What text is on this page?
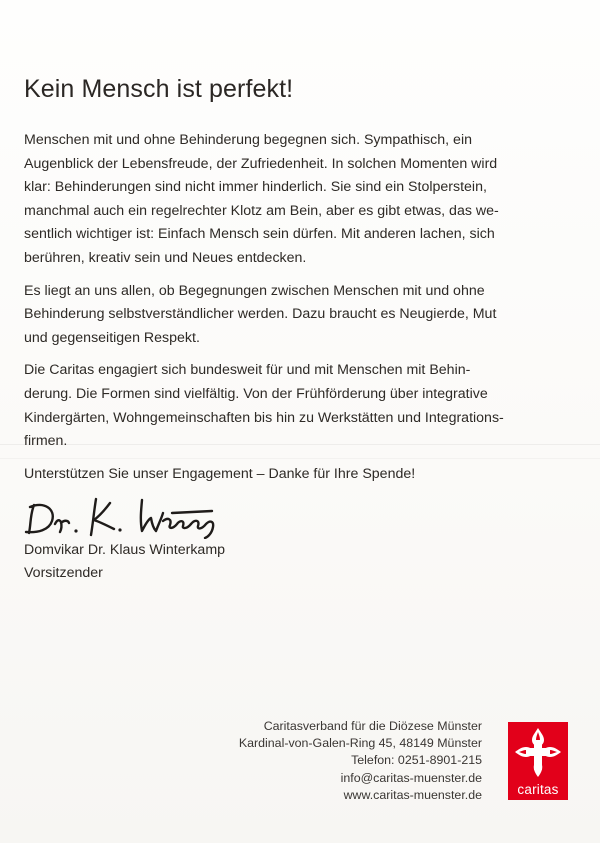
Kein Mensch ist perfekt!

Menschen mit und ohne Behinderung begegnen sich. Sympathisch, ein
Augenblick der Lebensfreude, der Zufriedenheit. In solchen Momenten wird
klar: Behinderungen sind nicht immer hinderlich. Sie sind ein Stolperstein,
manchmal auch ein regelrechter Klotz am Bein, aber es gibt etwas, das we-
sentlich wichtiger ist: Einfach Mensch sein dürfen. Mit anderen lachen, sich
berühren, kreativ sein und Neues entdecken.

Es liegt an uns allen, ob Begegnungen zwischen Menschen mit und ohne
Behinderung selbstverständlicher werden. Dazu braucht es Neugierde, Mut
und gegenseitigen Respekt.

Die Caritas engagiert sich bundesweit für und mit Menschen mit Behin-
derung. Die Formen sind vielfältig. Von der Frühförderung über integrative
Kindergärten, Wohngemeinschaften bis hin zu Werkstätten und Integrations-
firmen.

Unterstützen Sie unser Engagement – Danke für Ihre Spende!

Domvikar Dr. Klaus Winterkamp
Vorsitzender
Caritasverband für die Diözese Münster
Kardinal-von-Galen-Ring 45, 48149 Münster
Telefon: 0251-8901-215
info@caritas-muenster.de
www.caritas-muenster.de	caritas
